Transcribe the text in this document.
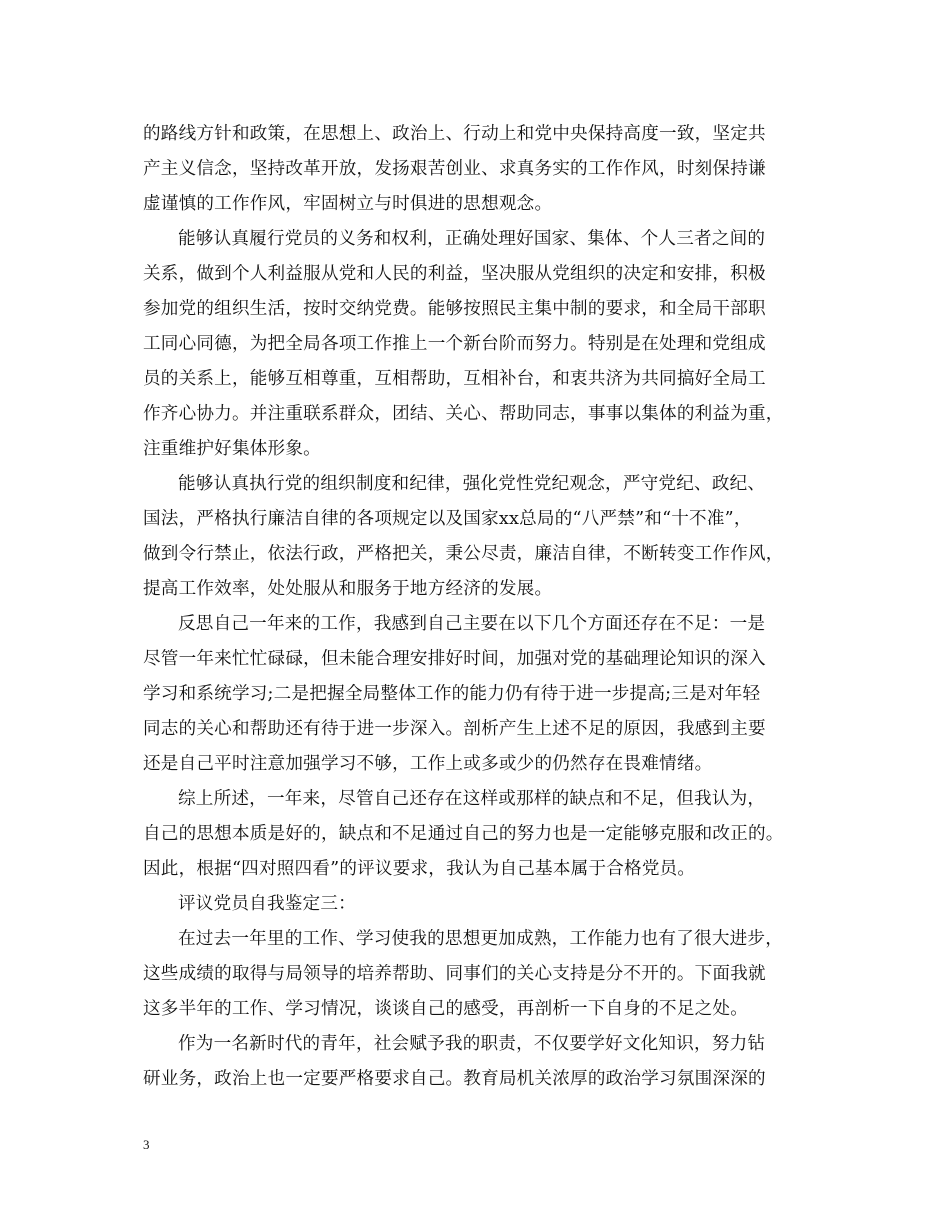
的路线方针和政策，在思想上、政治上、行动上和党中央保持高度一致，坚定共
产主义信念，坚持改革开放，发扬艰苦创业、求真务实的工作作风，时刻保持谦
虚谨慎的工作作风，牢固树立与时俱进的思想观念。
能够认真履行党员的义务和权利，正确处理好国家、集体、个人三者之间的
关系，做到个人利益服从党和人民的利益，坚决服从党组织的决定和安排，积极
参加党的组织生活，按时交纳党费。能够按照民主集中制的要求，和全局干部职
工同心同德，为把全局各项工作推上一个新台阶而努力。特别是在处理和党组成
员的关系上，能够互相尊重，互相帮助，互相补台，和衷共济为共同搞好全局工
作齐心协力。并注重联系群众，团结、关心、帮助同志，事事以集体的利益为重，
注重维护好集体形象。
能够认真执行党的组织制度和纪律，强化党性党纪观念，严守党纪、政纪、
国法，严格执行廉洁自律的各项规定以及国家xx总局的“八严禁”和“十不准”，
做到令行禁止，依法行政，严格把关，秉公尽责，廉洁自律，不断转变工作作风，
提高工作效率，处处服从和服务于地方经济的发展。
反思自己一年来的工作，我感到自己主要在以下几个方面还存在不足：一是
尽管一年来忙忙碌碌，但未能合理安排好时间，加强对党的基础理论知识的深入
学习和系统学习;二是把握全局整体工作的能力仍有待于进一步提高;三是对年轻
同志的关心和帮助还有待于进一步深入。剖析产生上述不足的原因，我感到主要
还是自己平时注意加强学习不够，工作上或多或少的仍然存在畏难情绪。
综上所述，一年来，尽管自己还存在这样或那样的缺点和不足，但我认为，
自己的思想本质是好的，缺点和不足通过自己的努力也是一定能够克服和改正的。
因此，根据“四对照四看”的评议要求，我认为自己基本属于合格党员。
评议党员自我鉴定三：
在过去一年里的工作、学习使我的思想更加成熟，工作能力也有了很大进步，
这些成绩的取得与局领导的培养帮助、同事们的关心支持是分不开的。下面我就
这多半年的工作、学习情况，谈谈自己的感受，再剖析一下自身的不足之处。
作为一名新时代的青年，社会赋予我的职责，不仅要学好文化知识，努力钻
研业务，政治上也一定要严格要求自己。教育局机关浓厚的政治学习氛围深深的
3
